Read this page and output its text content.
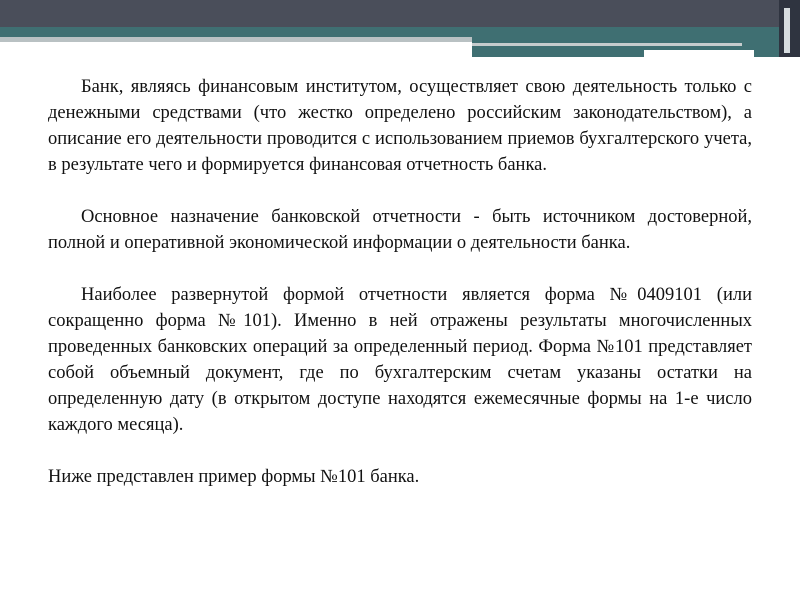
Банк, являясь финансовым институтом, осуществляет свою деятельность только с денежными средствами (что жестко определено российским законодательством), а описание его деятельности проводится с использованием приемов бухгалтерского учета, в результате чего и формируется финансовая отчетность банка.

Основное назначение банковской отчетности - быть источником достоверной, полной и оперативной экономической информации о деятельности банка.

Наиболее развернутой формой отчетности является форма №0409101 (или сокращенно форма №101). Именно в ней отражены результаты многочисленных проведенных банковских операций за определенный период. Форма №101 представляет собой объемный документ, где по бухгалтерским счетам указаны остатки на определенную дату (в открытом доступе находятся ежемесячные формы на 1-е число каждого месяца).

Ниже представлен пример формы №101 банка.
